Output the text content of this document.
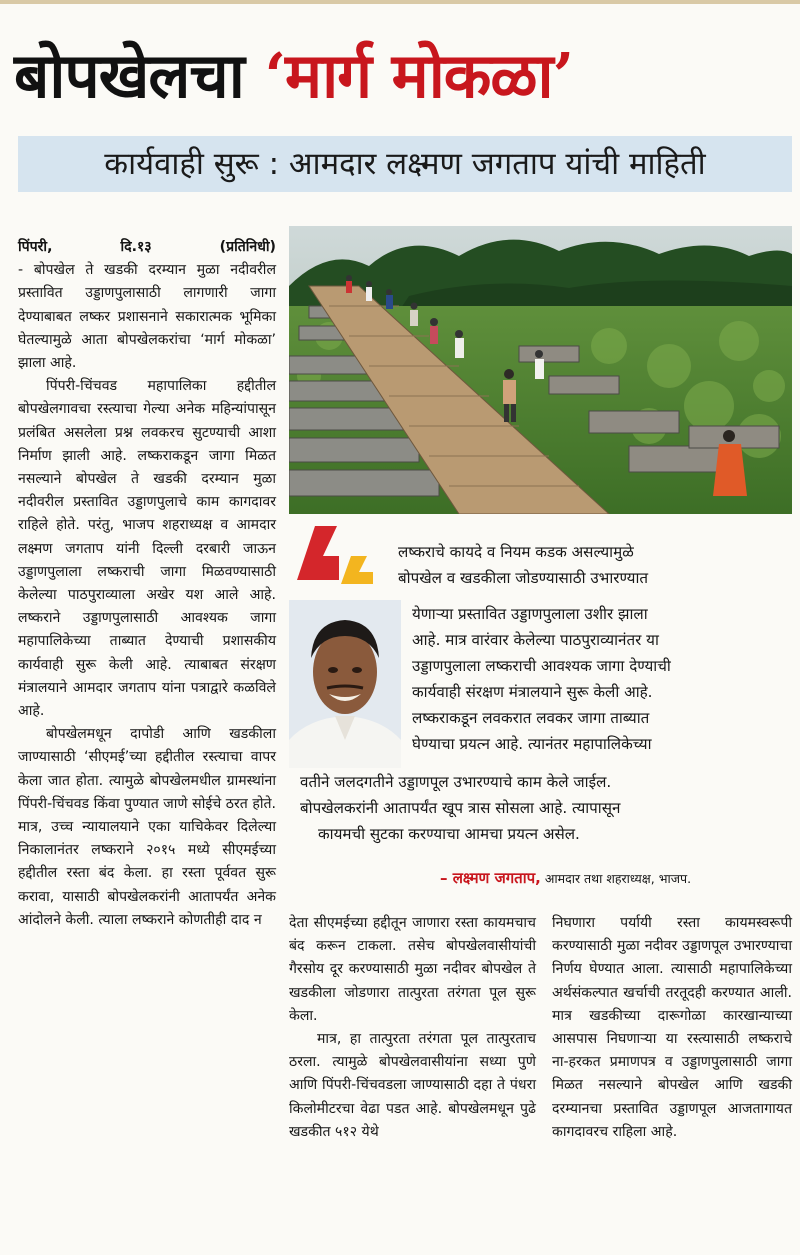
बोपखेलचा ‘मार्ग मोकळा’
कार्यवाही सुरू : आमदार लक्ष्मण जगताप यांची माहिती

पिंपरी, दि.१३ (प्रतिनिधी)

- बोपखेल ते खडकी दरम्यान मुळा नदीवरील प्रस्तावित उड्डाणपुलासाठी लागणारी जागा देण्याबाबत लष्कर प्रशासनाने सकारात्मक भूमिका घेतल्यामुळे आता बोपखेलकरांचा ‘मार्ग मोकळा’ झाला आहे.

पिंपरी-चिंचवड महापालिका हद्दीतील बोपखेलगावचा रस्त्याचा गेल्या अनेक महिन्यांपासून प्रलंबित असलेला प्रश्न लवकरच सुटण्याची आशा निर्माण झाली आहे. लष्कराकडून जागा मिळत नसल्याने बोपखेल ते खडकी दरम्यान मुळा नदीवरील प्रस्तावित उड्डाणपुलाचे काम कागदावर राहिले होते. परंतु, भाजप शहराध्यक्ष व आमदार लक्ष्मण जगताप यांनी दिल्ली दरबारी जाऊन उड्डाणपुलाला लष्कराची जागा मिळवण्यासाठी केलेल्या पाठपुराव्याला अखेर यश आले आहे. लष्कराने उड्डाणपुलासाठी आवश्यक जागा महापालिकेच्या ताब्यात देण्याची प्रशासकीय कार्यवाही सुरू केली आहे. त्याबाबत संरक्षण मंत्रालयाने आमदार जगताप यांना पत्राद्वारे कळविले आहे.

बोपखेलमधून दापोडी आणि खडकीला जाण्यासाठी ‘सीएमई’च्या हद्दीतील रस्त्याचा वापर केला जात होता. त्यामुळे बोपखेलमधील ग्रामस्थांना पिंपरी-चिंचवड किंवा पुण्यात जाणे सोईचे ठरत होते. मात्र, उच्च न्यायालयाने एका याचिकेवर दिलेल्या निकालानंतर लष्कराने २०१५ मध्ये सीएमईच्या हद्दीतील रस्ता बंद केला. हा रस्ता पूर्ववत सुरू करावा, यासाठी बोपखेलकरांनी आतापर्यंत अनेक आंदोलने केली. त्याला लष्कराने कोणतीही दाद न

लष्कराचे कायदे व नियम कडक असल्यामुळे
बोपखेल व खडकीला जोडण्यासाठी उभारण्यात
येणाऱ्या प्रस्तावित उड्डाणपुलाला उशीर झाला
आहे. मात्र वारंवार केलेल्या पाठपुराव्यानंतर या
उड्डाणपुलाला लष्कराची आवश्यक जागा देण्याची
कार्यवाही संरक्षण मंत्रालयाने सुरू केली आहे.
लष्कराकडून लवकरात लवकर जागा ताब्यात
घेण्याचा प्रयत्न आहे. त्यानंतर महापालिकेच्या
वतीने जलदगतीने उड्डाणपूल उभारण्याचे काम केले जाईल.
बोपखेलकरांनी आतापर्यंत खूप त्रास सोसला आहे. त्यापासून
कायमची सुटका करण्याचा आमचा प्रयत्न असेल.
– लक्ष्मण जगताप, आमदार तथा शहराध्यक्ष, भाजप.

देता सीएमईच्या हद्दीतून जाणारा रस्ता कायमचाच बंद करून टाकला. तसेच बोपखेलवासीयांची गैरसोय दूर करण्यासाठी मुळा नदीवर बोपखेल ते खडकीला जोडणारा तात्पुरता तरंगता पूल सुरू केला.

मात्र, हा तात्पुरता तरंगता पूल तात्पुरताच ठरला. त्यामुळे बोपखेलवासीयांना सध्या पुणे आणि पिंपरी-चिंचवडला जाण्यासाठी दहा ते पंधरा किलोमीटरचा वेढा पडत आहे. बोपखेलमधून पुढे खडकीत ५१२ येथे

निघणारा पर्यायी रस्ता कायमस्वरूपी करण्यासाठी मुळा नदीवर उड्डाणपूल उभारण्याचा निर्णय घेण्यात आला. त्यासाठी महापालिकेच्या अर्थसंकल्पात खर्चाची तरतूदही करण्यात आली. मात्र खडकीच्या दारूगोळा कारखान्याच्या आसपास निघणाऱ्या या रस्त्यासाठी लष्कराचे ना-हरकत प्रमाणपत्र व उड्डाणपुलासाठी जागा मिळत नसल्याने बोपखेल आणि खडकी दरम्यानचा प्रस्तावित उड्डाणपूल आजतागायत कागदावरच राहिला आहे.
